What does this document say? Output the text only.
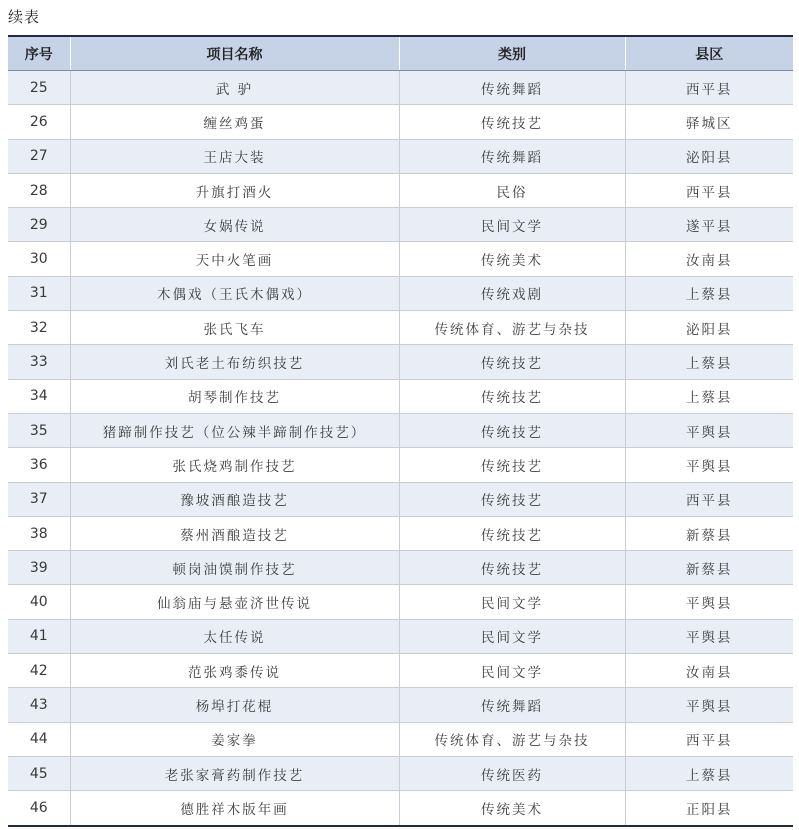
续表
序号	项目名称	类别	县区
25	武 驴	传统舞蹈	西平县
26	缠丝鸡蛋	传统技艺	驿城区
27	王店大装	传统舞蹈	泌阳县
28	升旗打酒火	民俗	西平县
29	女娲传说	民间文学	遂平县
30	天中火笔画	传统美术	汝南县
31	木偶戏（王氏木偶戏）	传统戏剧	上蔡县
32	张氏飞车	传统体育、游艺与杂技	泌阳县
33	刘氏老土布纺织技艺	传统技艺	上蔡县
34	胡琴制作技艺	传统技艺	上蔡县
35	猪蹄制作技艺（位公辣半蹄制作技艺）	传统技艺	平舆县
36	张氏烧鸡制作技艺	传统技艺	平舆县
37	豫坡酒酿造技艺	传统技艺	西平县
38	蔡州酒酿造技艺	传统技艺	新蔡县
39	顿岗油馍制作技艺	传统技艺	新蔡县
40	仙翁庙与悬壶济世传说	民间文学	平舆县
41	太任传说	民间文学	平舆县
42	范张鸡黍传说	民间文学	汝南县
43	杨埠打花棍	传统舞蹈	平舆县
44	姜家拳	传统体育、游艺与杂技	西平县
45	老张家膏药制作技艺	传统医药	上蔡县
46	德胜祥木版年画	传统美术	正阳县
